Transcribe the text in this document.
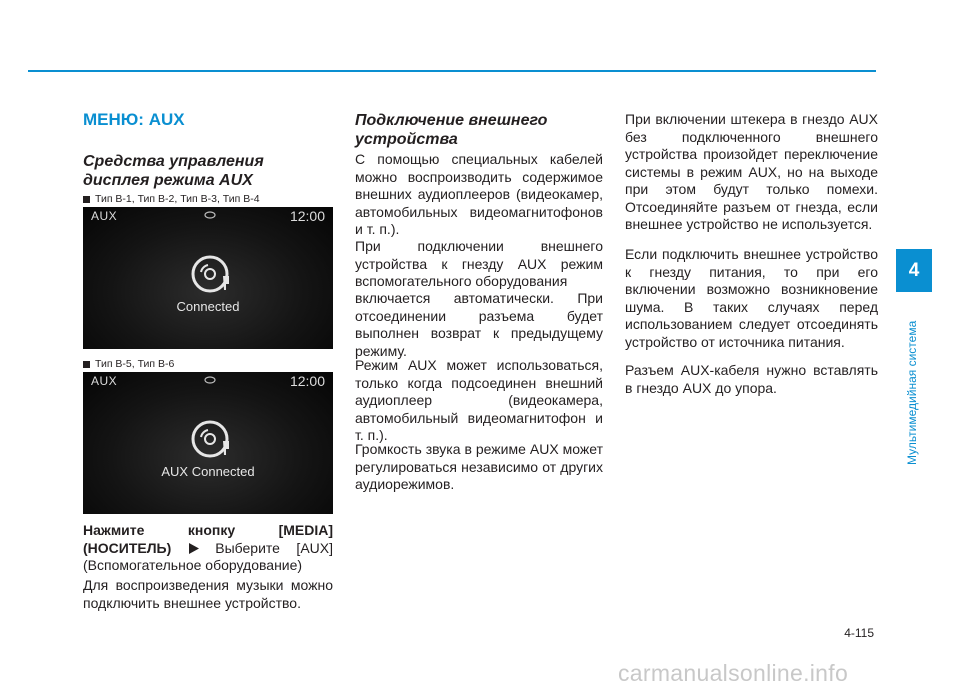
МЕНЮ: AUX
Средства управления дисплея режима AUX
Тип В-1, Тип В-2, Тип В-3, Тип В-4
AUX	12:00
Connected
Тип В-5, Тип В-6
AUX	12:00
AUX Connected

Нажмите кнопку [MEDIA] (НОСИТЕЛЬ)	Выберите [AUX] (Вспомогательное оборудование)

Для воспроизведения музыки можно подключить внешнее устройство.

Подключение внешнего устройства

С помощью специальных кабелей можно воспроизводить содержимое внешних аудиоплееров (видеокамер, автомобильных видеомагнитофонов и т. п.).

При подключении внешнего устройства к гнезду AUX режим вспомогательного оборудования

включается автоматически. При отсоединении разъема будет выполнен возврат к предыдущему режиму.

Режим AUX может использоваться, только когда подсоединен внешний аудиоплеер (видеокамера, автомобильный видеомагнитофон и т. п.).

Громкость звука в режиме AUX может регулироваться независимо от других аудиорежимов.

При включении штекера в гнездо AUX без подключенного внешнего устройства произойдет переключение системы в режим AUX, но на выходе при этом будут только помехи. Отсоединяйте разъем от гнезда, если внешнее устройство не используется.

Если подключить внешнее устройство к гнезду питания, то при его включении возможно возникновение шума. В таких случаях перед использованием следует отсоединять устройство от источника питания.

Разъем AUX-кабеля нужно вставлять в гнездо AUX до упора.

4
Мультимедийная система
4-115
carmanualsonline.info
